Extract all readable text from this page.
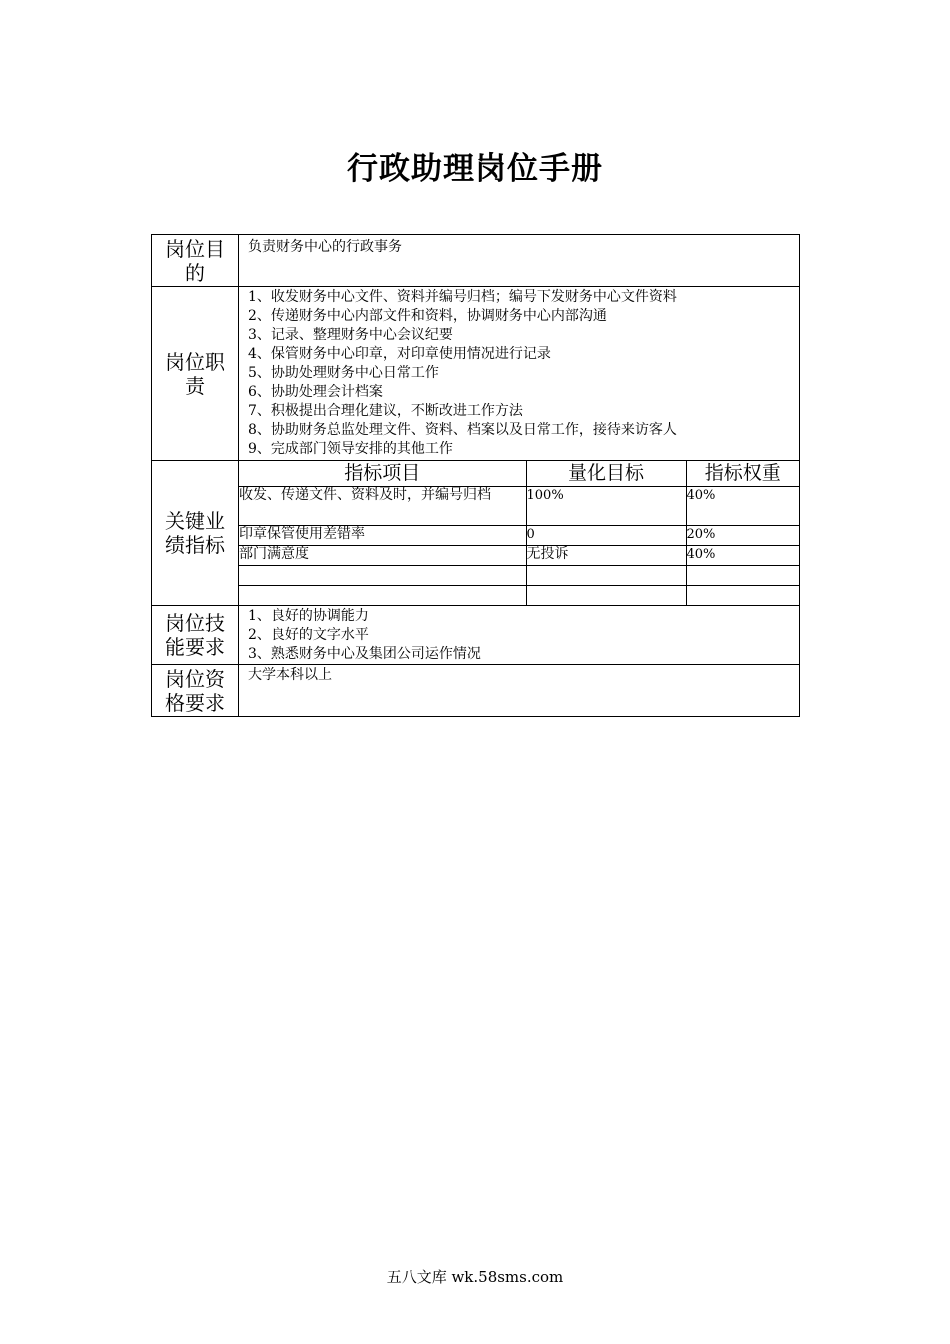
行政助理岗位手册
岗位目的	
负责财务中心的行政事务

岗位职责	
1、收发财务中心文件、资料并编号归档；编号下发财务中心文件资料
2、传递财务中心内部文件和资料，协调财务中心内部沟通
3、记录、整理财务中心会议纪要
4、保管财务中心印章，对印章使用情况进行记录
5、协助处理财务中心日常工作
6、协助处理会计档案
7、积极提出合理化建议，不断改进工作方法
8、协助财务总监处理文件、资料、档案以及日常工作，接待来访客人
9、完成部门领导安排的其他工作

关键业绩指标	
指标项目	量化目标	指标权重
收发、传递文件、资料及时，并编号归档	100%	40%
印章保管使用差错率	0	20%
部门满意度	无投诉	40%

岗位技能要求	
1、良好的协调能力
2、良好的文字水平
3、熟悉财务中心及集团公司运作情况

岗位资格要求	
大学本科以上
五八文库 wk.58sms.com
